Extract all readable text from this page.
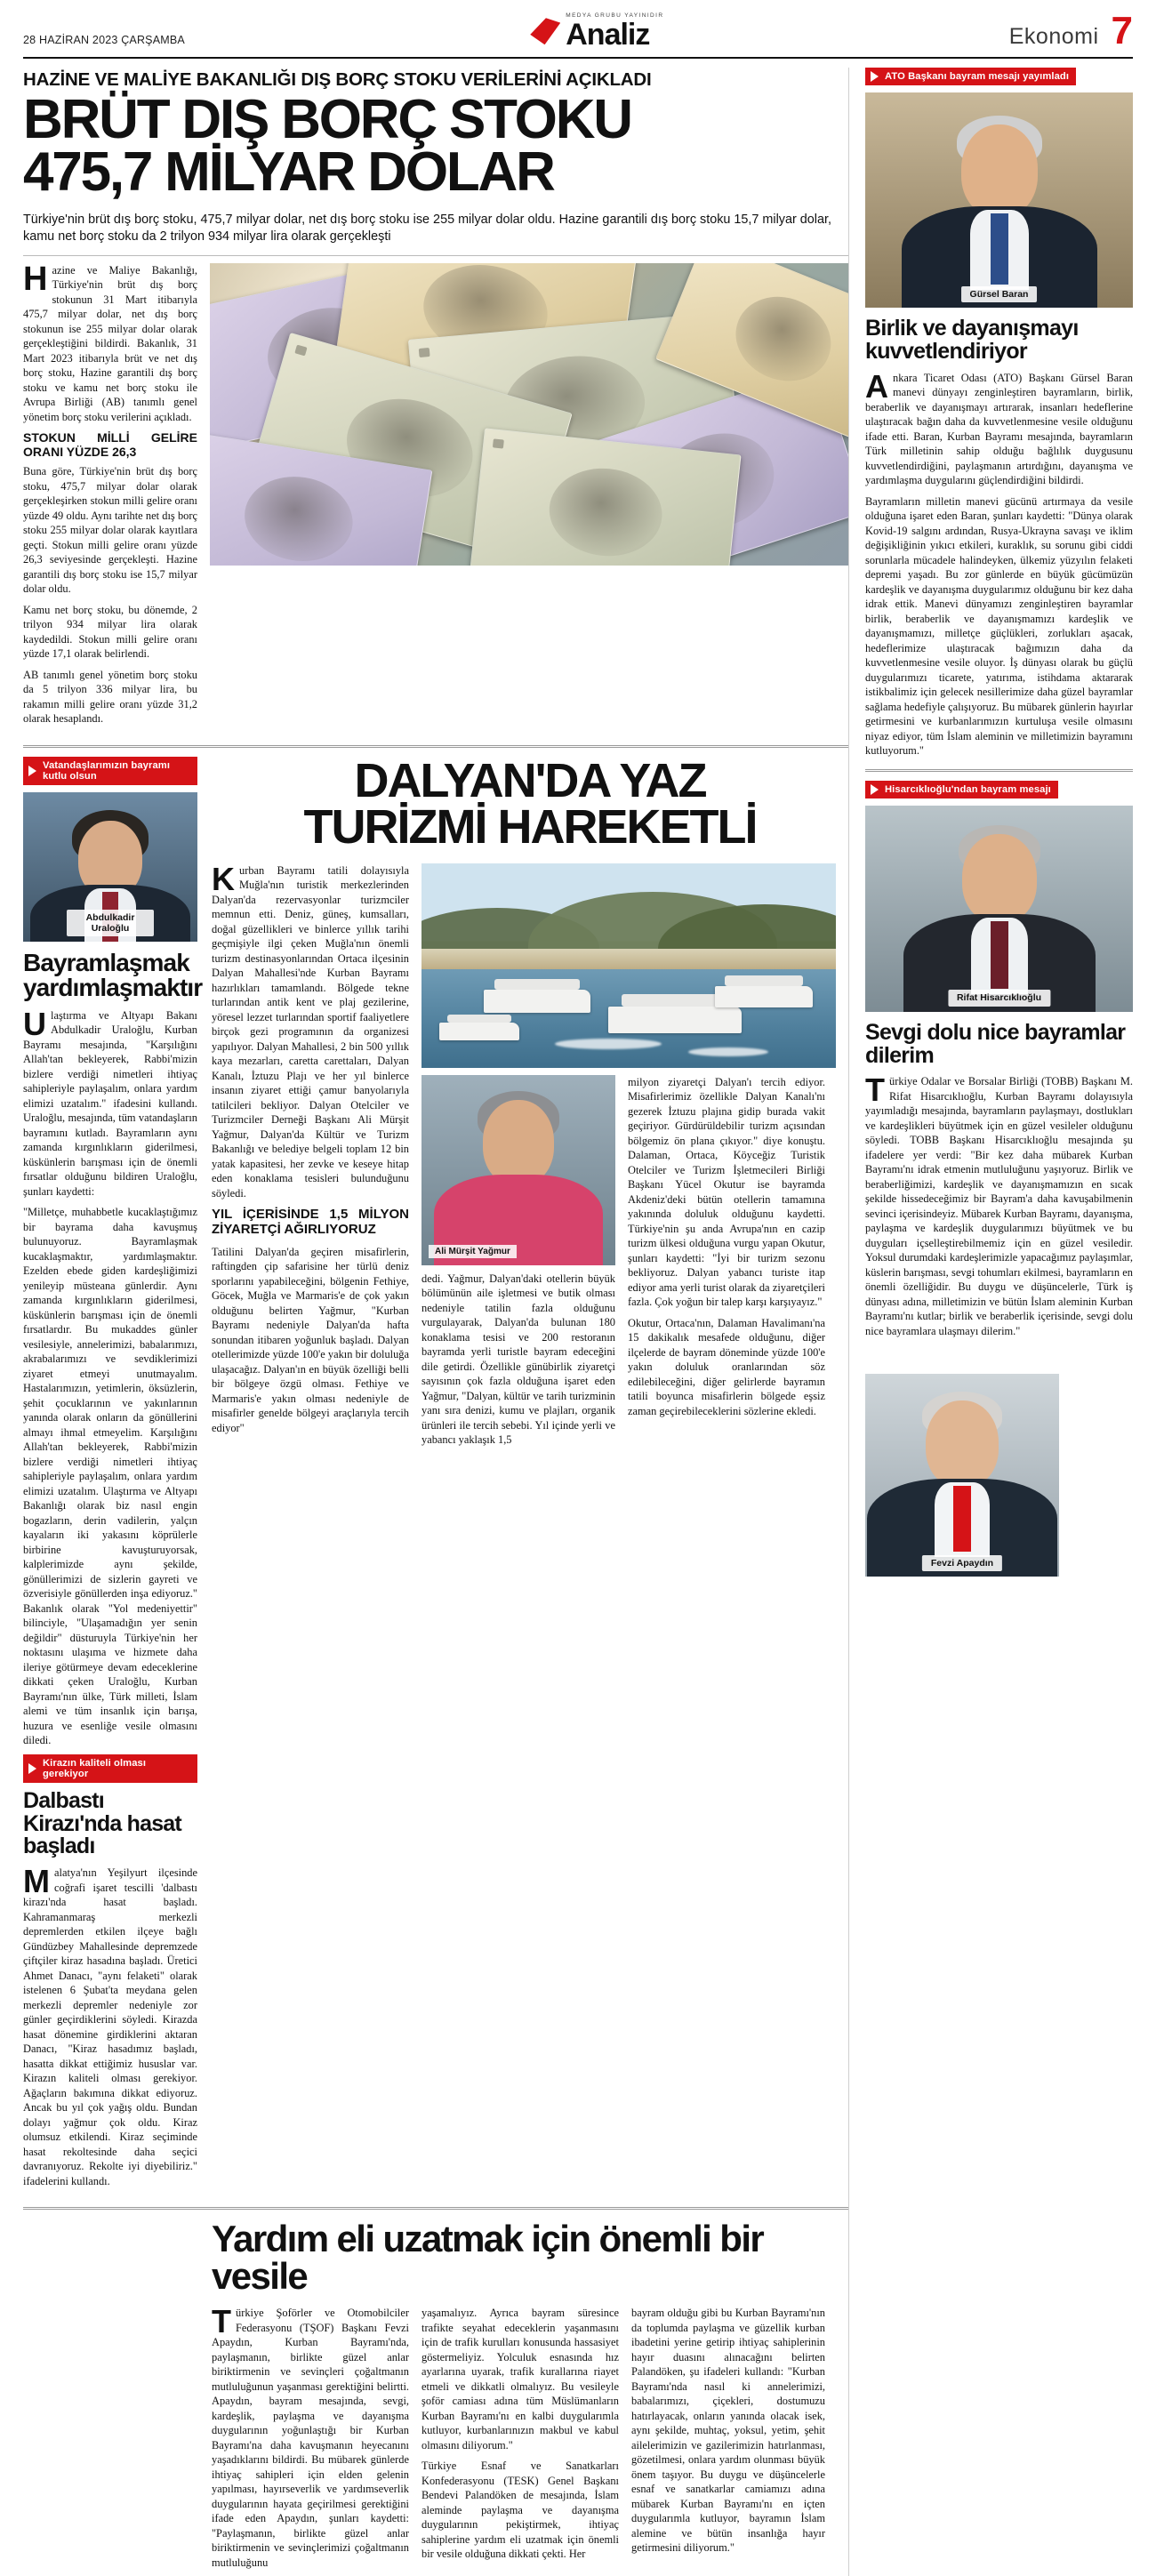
28 HAZİRAN 2023 ÇARŞAMBA
MEDYA GRUBU YAYINIDIR
Analiz	Ekonomi 7
HAZİNE VE MALİYE BAKANLIĞI DIŞ BORÇ STOKU VERİLERİNİ AÇIKLADI
BRÜT DIŞ BORÇ STOKU
475,7 MİLYAR DOLAR
Türkiye'nin brüt dış borç stoku, 475,7 milyar dolar, net dış borç stoku ise 255 milyar dolar oldu. Hazine garantili dış borç stoku 15,7 milyar dolar, kamu net borç stoku da 2 trilyon 934 milyar lira olarak gerçekleşti

Hazine ve Maliye Bakanlığı, Türkiye'nin brüt dış borç stokunun 31 Mart itibarıyla 475,7 milyar dolar, net dış borç stokunun ise 255 milyar dolar olarak gerçekleştiğini bildirdi. Bakanlık, 31 Mart 2023 itibarıyla brüt ve net dış borç stoku, Hazine garantili dış borç stoku ve kamu net borç stoku ile Avrupa Birliği (AB) tanımlı genel yönetim borç stoku verilerini açıkladı.

STOKUN MİLLİ GELİRE ORANI YÜZDE 26,3

Buna göre, Türkiye'nin brüt dış borç stoku, 475,7 milyar dolar olarak gerçekleşirken stokun milli gelire oranı yüzde 49 oldu. Aynı tarihte net dış borç stoku 255 milyar dolar olarak kayıtlara geçti. Stokun milli gelire oranı yüzde 26,3 seviyesinde gerçekleşti. Hazine garantili dış borç stoku ise 15,7 milyar dolar oldu.

Kamu net borç stoku, bu dönemde, 2 trilyon 934 milyar lira olarak kaydedildi. Stokun milli gelire oranı yüzde 17,1 olarak belirlendi.

AB tanımlı genel yönetim borç stoku da 5 trilyon 336 milyar lira, bu rakamın milli gelire oranı yüzde 31,2 olarak hesaplandı.

Vatandaşlarımızın bayramı kutlu olsun
Abdulkadir Uraloğlu
Bayramlaşmak yardımlaşmaktır

Ulaştırma ve Altyapı Bakanı Abdulkadir Uraloğlu, Kurban Bayramı mesajında, "Karşılığını Allah'tan bekleyerek, Rabbi'mizin bizlere verdiği nimetleri ihtiyaç sahipleriyle paylaşalım, onlara yardım elimizi uzatalım." ifadesini kullandı. Uraloğlu, mesajında, tüm vatandaşların bayramını kutladı. Bayramların aynı zamanda kırgınlıkların giderilmesi, küskünlerin barışması için de önemli fırsatlar olduğunu bildiren Uraloğlu, şunları kaydetti:

"Milletçe, muhabbetle kucaklaştığımız bir bayrama daha kavuşmuş bulunuyoruz. Bayramlaşmak kucaklaşmaktır, yardımlaşmaktır. Ezelden ebede giden kardeşliğimizi yenileyip müsteana günlerdir. Aynı zamanda kırgınlıkların giderilmesi, küskünlerin barışması için de önemli fırsatlardır. Bu mukaddes günler vesilesiyle, annelerimizi, babalarımızı, akrabalarımızı ve sevdiklerimizi ziyaret etmeyi unutmayalım. Hastalarımızın, yetimlerin, öksüzlerin, şehit çocuklarının ve yakınlarının yanında olarak onların da gönüllerini almayı ihmal etmeyelim. Karşılığını Allah'tan bekleyerek, Rabbi'mizin bizlere verdiği nimetleri ihtiyaç sahipleriyle paylaşalım, onlara yardım elimizi uzatalım. Ulaştırma ve Altyapı Bakanlığı olarak biz nasıl engin bogazların, derin vadilerin, yalçın kayaların iki yakasını köprülerle birbirine kavuşturuyorsak, kalplerimizde aynı şekilde, gönüllerimizi de sizlerin gayreti ve özverisiyle gönüllerden inşa ediyoruz." Bakanlık olarak "Yol medeniyettir" bilinciyle, "Ulaşamadığın yer senin değildir" düsturuyla Türkiye'nin her noktasını ulaşıma ve hizmete daha ileriye götürmeye devam edeceklerine dikkati çeken Uraloğlu, Kurban Bayramı'nın ülke, Türk milleti, İslam alemi ve tüm insanlık için barışa, huzura ve esenliğe vesile olmasını diledi.

Kirazın kaliteli olması gerekiyor
Dalbastı Kirazı'nda hasat başladı

Malatya'nın Yeşilyurt ilçesinde coğrafi işaret tescilli 'dalbastı kirazı'nda hasat başladı. Kahramanmaraş merkezli depremlerden etkilen ilçeye bağlı Gündüzbey Mahallesinde depremzede çiftçiler kiraz hasadına başladı. Üretici Ahmet Danacı, "aynı felaketi" olarak istelenen 6 Şubat'ta meydana gelen merkezli depremler nedeniyle zor günler geçirdiklerini söyledi. Kirazda hasat dönemine girdiklerini aktaran Danacı, "Kiraz hasadımız başladı, hasatta dikkat ettiğimiz hususlar var. Kirazın kaliteli olması gerekiyor. Ağaçların bakımına dikkat ediyoruz. Ancak bu yıl çok yağış oldu. Bundan dolayı yağmur çok oldu. Kiraz olumsuz etkilendi. Kiraz seçiminde hasat rekoltesinde daha seçici davranıyoruz. Rekolte iyi diyebiliriz." ifadelerini kullandı.

DALYAN'DA YAZ
TURİZMİ HAREKETLİ

Kurban Bayramı tatili dolayısıyla Muğla'nın turistik merkezlerinden Dalyan'da rezervasyonlar turizmciler memnun etti. Deniz, güneş, kumsalları, doğal güzellikleri ve binlerce yıllık tarihi geçmişiyle ilgi çeken Muğla'nın önemli turizm destinasyonlarından Ortaca ilçesinin Dalyan Mahallesi'nde Kurban Bayramı hazırlıkları tamamlandı. Bölgede tekne turlarından antik kent ve plaj gezilerine, yöresel lezzet turlarından sportif faaliyetlere birçok gezi programının da organizesi yapılıyor. Dalyan Mahallesi, 2 bin 500 yıllık kaya mezarları, caretta carettaları, Dalyan Kanalı, İztuzu Plajı ve her yıl binlerce insanın ziyaret ettiği çamur banyolarıyla tatilcileri bekliyor. Dalyan Otelciler ve Turizmciler Derneği Başkanı Ali Mürşit Yağmur, Dalyan'da Kültür ve Turizm Bakanlığı ve belediye belgeli toplam 12 bin yatak kapasitesi, her zevke ve keseye hitap eden konaklama tesisleri bulunduğunu söyledi.

YIL İÇERİSİNDE 1,5 MİLYON ZİYARETÇİ AĞIRLIYORUZ

Tatilini Dalyan'da geçiren misafirlerin, raftingden çip safarisine her türlü deniz sporlarını yapabileceğini, bölgenin Fethiye, Göcek, Muğla ve Marmaris'e de çok yakın olduğunu belirten Yağmur, "Kurban Bayramı nedeniyle Dalyan'da hafta sonundan itibaren yoğunluk başladı. Dalyan otellerimizde yüzde 100'e yakın bir doluluğa ulaşacağız. Dalyan'ın en büyük özelliği belli bir bölgeye özgü olması. Fethiye ve Marmaris'e yakın olması nedeniyle de misafirler genelde bölgeyi araçlarıyla tercih ediyor"

Ali Mürşit Yağmur

dedi. Yağmur, Dalyan'daki otellerin büyük bölümünün aile işletmesi ve butik olması nedeniyle tatilin fazla olduğunu vurgulayarak, Dalyan'da bulunan 180 konaklama tesisi ve 200 restoranın bayramda yerli turistle bayram edeceğini dile getirdi. Özellikle günübirlik ziyaretçi sayısının çok fazla olduğuna işaret eden Yağmur, "Dalyan, kültür ve tarih turizminin yanı sıra denizi, kumu ve plajları, organik ürünleri ile tercih sebebi. Yıl içinde yerli ve yabancı yaklaşık 1,5

milyon ziyaretçi Dalyan'ı tercih ediyor. Misafirlerimiz özellikle Dalyan Kanalı'nı gezerek İztuzu plajına gidip burada vakit geçiriyor. Gürdürüldebilir turizm açısından bölgemiz ön plana çıkıyor." diye konuştu. Dalaman, Ortaca, Köyceğiz Turistik Otelciler ve Turizm İşletmecileri Birliği Başkanı Yücel Okutur ise bayramda Akdeniz'deki bütün otellerin tamamına yakınında doluluk olduğunu kaydetti. Türkiye'nin şu anda Avrupa'nın en cazip turizm ülkesi olduğuna vurgu yapan Okutur, şunları kaydetti: "İyi bir turizm sezonu bekliyoruz. Dalyan yabancı turiste itap ediyor ama yerli turist olarak da ziyaretçileri fazla. Çok yoğun bir talep karşı karşıyayız."

Okutur, Ortaca'nın, Dalaman Havalimanı'na 15 dakikalık mesafede olduğunu, diğer ilçelerde de bayram döneminde yüzde 100'e yakın doluluk oranlarından söz edilebileceğini, diğer gelirlerde bayramın tatili boyunca misafirlerin bölgede eşsiz zaman geçirebileceklerini sözlerine ekledi.

Yardım eli uzatmak için önemli bir vesile

Türkiye Şoförler ve Otomobilciler Federasyonu (TŞOF) Başkanı Fevzi Apaydın, Kurban Bayramı'nda, paylaşmanın, birlikte güzel anlar biriktirmenin ve sevinçleri çoğaltmanın mutluluğunun yaşanması gerektiğini belirtti. Apaydın, bayram mesajında, sevgi, kardeşlik, paylaşma ve dayanışma duygularının yoğunlaştığı bir Kurban Bayramı'na daha kavuşmanın heyecanını yaşadıklarını bildirdi. Bu mübarek günlerde ihtiyaç sahipleri için elden gelenin yapılması, hayırseverlik ve yardımseverlik duygularının hayata geçirilmesi gerektiğini ifade eden Apaydın, şunları kaydetti: "Paylaşmanın, birlikte güzel anlar biriktirmenin ve sevinçlerimizi çoğaltmanın mutluluğunu

yaşamalıyız. Ayrıca bayram süresince trafikte seyahat edeceklerin yaşanmasını için de trafik kurulları konusunda hassasiyet göstermeliyiz. Yolculuk esnasında hız ayarlarına uyarak, trafik kurallarına riayet etmeli ve dikkatli olmalıyız. Bu vesileyle şoför camiası adına tüm Müslümanların Kurban Bayramı'nı en kalbi duygularımla kutluyor, kurbanlarınızın makbul ve kabul olmasını diliyorum."

Türkiye Esnaf ve Sanatkarları Konfederasyonu (TESK) Genel Başkanı Bendevi Palandöken de mesajında, İslam aleminde paylaşma ve dayanışma duygularının pekiştirmek, ihtiyaç sahiplerine yardım eli uzatmak için önemli bir vesile olduğuna dikkati çekti. Her

bayram olduğu gibi bu Kurban Bayramı'nın da toplumda paylaşma ve güzellik kurban ibadetini yerine getirip ihtiyaç sahiplerinin hayır duasını alınacağını belirten Palandöken, şu ifadeleri kullandı: "Kurban Bayramı'nda nasıl ki annelerimizi, babalarımızı, çiçekleri, dostumuzu hatırlayacak, onların yanında olacak isek, aynı şekilde, muhtaç, yoksul, yetim, şehit ailelerimizin ve gazilerimizin hatırlanması, gözetilmesi, onlara yardım olunması büyük önem taşıyor. Bu duygu ve düşüncelerle esnaf ve sanatkarlar camiamızı adına mübarek Kurban Bayramı'nı en içten duygularımla kutluyor, bayramın İslam alemine ve bütün insanlığa hayır getirmesini diliyorum."

ATO Başkanı bayram mesajı yayımladı
Gürsel Baran
Birlik ve dayanışmayı kuvvetlendiriyor

Ankara Ticaret Odası (ATO) Başkanı Gürsel Baran manevi dünyayı zenginleştiren bayramların, birlik, beraberlik ve dayanışmayı artırarak, insanları hedeflerine ulaştıracak bağın daha da kuvvetlenmesine vesile olduğunu ifade etti. Baran, Kurban Bayramı mesajında, bayramların Türk milletinin sahip olduğu bağlılık duygusunu kuvvetlendirdiğini, paylaşmanın artırdığını, dayanışma ve yardımlaşma duygularını güçlendirdiğini bildirdi.

Bayramların milletin manevi gücünü artırmaya da vesile olduğuna işaret eden Baran, şunları kaydetti: "Dünya olarak Kovid-19 salgını ardından, Rusya-Ukrayna savaşı ve iklim değişikliğinin yıkıcı etkileri, kuraklık, su sorunu gibi ciddi sorunlarla mücadele halindeyken, ülkemiz yüzyılın felaketi depremi yaşadı. Bu zor günlerde en büyük gücümüzün kardeşlik ve dayanışma duygularımız olduğunu bir kez daha idrak ettik. Manevi dünyamızı zenginleştiren bayramlar birlik, beraberlik ve dayanışmamızı kardeşlik ve dayanışmamızı, milletçe güçlükleri, zorlukları aşacak, hedeflerimize ulaştıracak bağımızın daha da kuvvetlenmesine vesile oluyor. İş dünyası olarak bu güçlü duygularımızı ticarete, yatırıma, istihdama aktararak istikbalimiz için gelecek nesillerimize daha güzel bayramlar sağlama hedefiyle çalışıyoruz. Bu mübarek günlerin hayırlar getirmesini ve kurbanlarımızın kurtuluşa vesile olmasını niyaz ediyor, tüm İslam aleminin ve milletimizin bayramını kutluyorum."

Hisarcıklıoğlu'ndan bayram mesajı
Rifat Hisarcıklıoğlu
Sevgi dolu nice bayramlar dilerim

Türkiye Odalar ve Borsalar Birliği (TOBB) Başkanı M. Rifat Hisarcıklıoğlu, Kurban Bayramı dolayısıyla yayımladığı mesajında, bayramların paylaşmayı, dostlukları ve kardeşlikleri büyütmek için en güzel vesileler olduğunu söyledi. TOBB Başkanı Hisarcıklıoğlu mesajında şu ifadelere yer verdi: "Bir kez daha mübarek Kurban Bayramı'nı idrak etmenin mutluluğunu yaşıyoruz. Birlik ve beraberliğimizi, kardeşlik ve dayanışmamızın en sıcak şekilde hissedeceğimiz bir Bayram'a daha kavuşabilmenin sevinci içerisindeyiz. Mübarek Kurban Bayramı, dayanışma, paylaşma ve kardeşlik duygularımızı büyütmek ve bu duyguları içselleştirebilmemiz için en güzel vesiledir. Yoksul durumdaki kardeşlerimizle yapacağımız paylaşımlar, küslerin barışması, sevgi tohumları ekilmesi, bayramların en önemli özelliğidir. Bu duygu ve düşüncelerle, Türk iş dünyası adına, milletimizin ve bütün İslam aleminin Kurban Bayramı'nı kutlar; birlik ve beraberlik içerisinde, sevgi dolu nice bayramlara ulaşmayı dilerim."

Fevzi Apaydın
